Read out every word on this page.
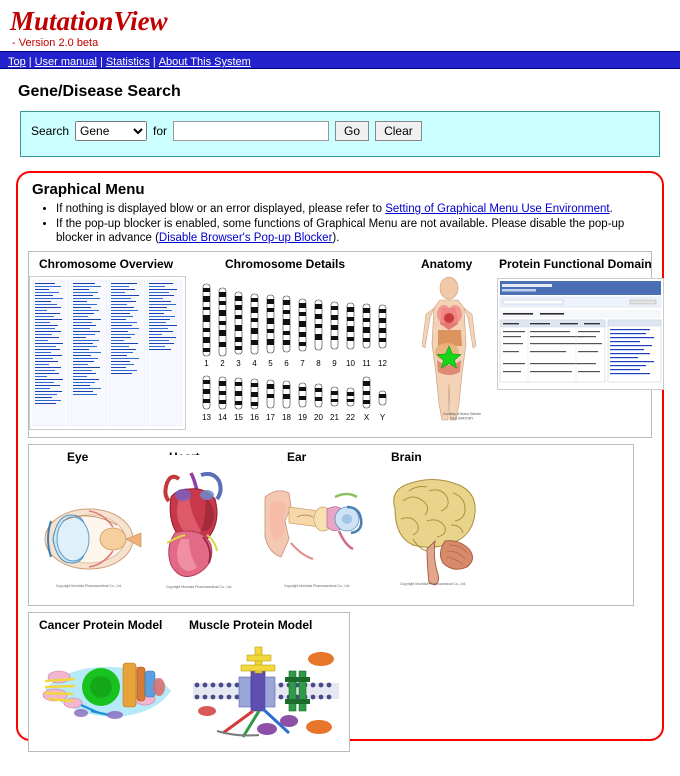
MutationView
- Version 2.0 beta
Top | User manual | Statistics | About This System
Gene/Disease Search
Search
Gene	for	Go	Clear
Graphical Menu
• If nothing is displayed blow or an error displayed, please refer to Setting of Graphical Menu Use Environment.
• If the pop-up blocker is enabled, some functions of Graphical Menu are not available. Please disable the pop-up blocker in advance (Disable Browser's Pop-up Blocker).
Chromosome Overview	Chromosome Details	Anatomy Protein Functional Domain
1 2 3 4 5 6 7 8 9 10 11 12
13 14 15 16 17 18 19 20 21 22 X Y	Courtesy of Ikoma Science
FILE ANATOMY
Eye	Ear	Brain
Copyright Mochida Pharmaceutical Co., Ltd.	Copyright Mochida Pharmaceutical Co., Ltd.	Copyright Mochida Pharmaceutical Co., Ltd.	Copyright Mochida Pharmaceutical Co., Ltd.
Cancer Protein Model Muscle Protein Model
